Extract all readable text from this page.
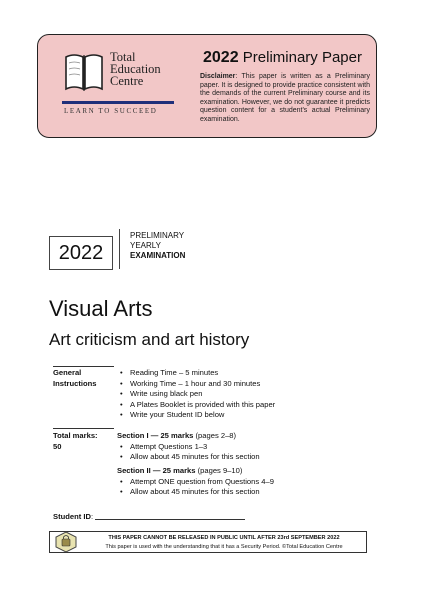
Total
Education
Centre
LEARN TO SUCCEED
2022 Preliminary Paper
Disclaimer: This paper is written as a Preliminary paper. It is designed to provide practice consistent with the demands of the current Preliminary course and its examination. However, we do not guarantee it predicts question content for a student's actual Preliminary examination.
2022
PRELIMINARY
YEARLY
EXAMINATION
Visual Arts
Art criticism and art history
General
Instructions
• Reading Time – 5 minutes
• Working Time – 1 hour and 30 minutes
• Write using black pen
• A Plates Booklet is provided with this paper
• Write your Student ID below
Total marks:
50
Section I — 25 marks (pages 2–8)
• Attempt Questions 1–3
• Allow about 45 minutes for this section
Section II — 25 marks (pages 9–10)
• Attempt ONE question from Questions 4–9
• Allow about 45 minutes for this section
Student ID:
THIS PAPER CANNOT BE RELEASED IN PUBLIC UNTIL AFTER 23rd SEPTEMBER 2022
This paper is used with the understanding that it has a Security Period. ©Total Education Centre
